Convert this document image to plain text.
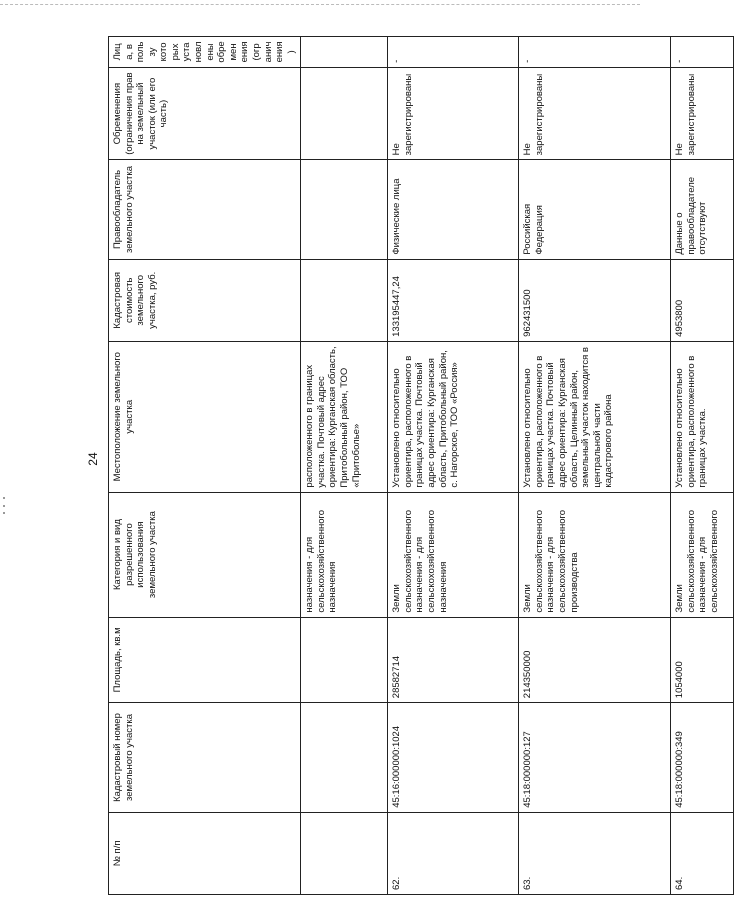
24
№ п/п	Кадастровый номер земельного участка	Площадь, кв.м	Категория и вид разрешенного использования земельного участка	Местоположение земельного участка	Кадастровая стоимость земельного участка, руб.	Правообладатель земельного участка	Обременения (ограничения прав на земельный участок (или его часть)	Лица, в пользу которых установлены обременения (ограничения)
			назначения - для сельскохозяйственного назначения	расположенного в границах участка. Почтовый адрес ориентира: Курганская область, Притобольный район, ТОО «Притоболье»				
62.	45:16:000000:1024	28582714	Земли сельскохозяйственного назначения - для сельскохозяйственного назначения	Установлено относительно ориентира, расположенного в границах участка. Почтовый адрес ориентира: Курганская область, Притобольный район, с. Нагорское, ТОО «Россия»	133195447,24	Физические лица	Не зарегистрированы	-
63.	45:18:000000:127	214350000	Земли сельскохозяйственного назначения - для сельскохозяйственного производства	Установлено относительно ориентира, расположенного в границах участка. Почтовый адрес ориентира: Курганская область, Целинный район, земельный участок находится в центральной части кадастрового района	962431500	Российская Федерация	Не зарегистрированы	-
64.	45:18:000000:349	1054000	Земли сельскохозяйственного назначения - для сельскохозяйственного	Установлено относительно ориентира, расположенного в границах участка.	4953800	Данные о правообладателе отсутствуют	Не зарегистрированы	-
